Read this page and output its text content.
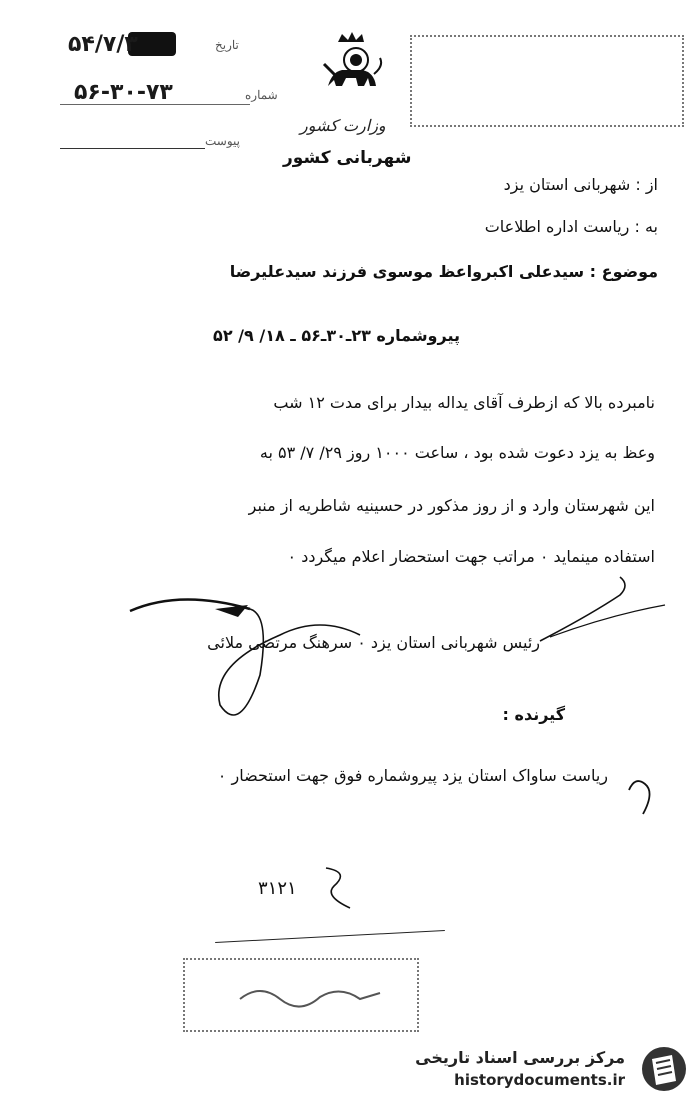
۵۴/۷/۳	تاریخ
۵۶-۳۰-۷۳	شماره
پیوست
وزارت کشور
شهربانی کشور
از : شهربانی استان یزد
به : ریاست اداره اطلاعات
موضوع : سیدعلی اکبرواعظ موسوی فرزند سیدعلیرضا
پیروشماره ۲۳ـ۳۰ـ۵۶ ـ ۱۸/ ۹/ ۵۲
نامبرده بالا که ازطرف آقای یداله بیدار برای مدت ۱۲ شب
وعظ به یزد دعوت شده بود ، ساعت ۱۰۰۰ روز ۲۹/ ۷/ ۵۳ به
این شهرستان وارد و از روز مذکور در حسینیه شاطریه از منبر
استفاده مینماید ۰ مراتب جهت استحضار اعلام میگردد ۰
رئیس شهربانی استان یزد ۰ سرهنگ مرتضی ملائی
گیرنده :
ریاست ساواک استان یزد پیروشماره فوق جهت استحضار ۰
۳۱۲۱
مرکز بررسی اسناد تاریخی
historydocuments.ir
